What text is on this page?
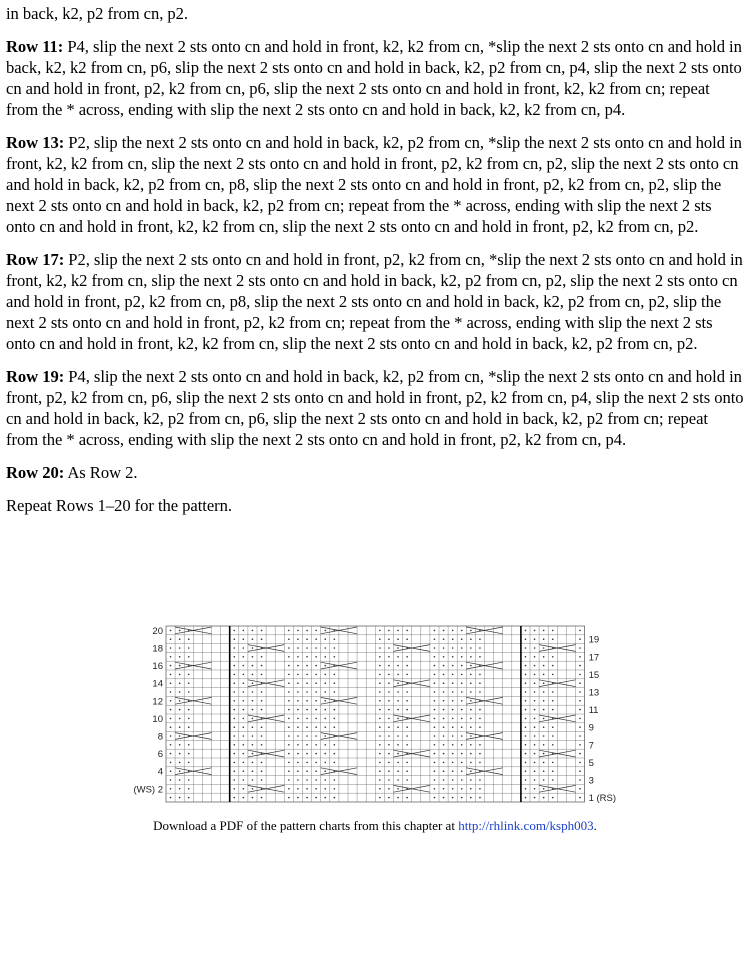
in back, k2, p2 from cn, p2.

Row 11: P4, slip the next 2 sts onto cn and hold in front, k2, k2 from cn, *slip the next 2 sts onto cn and hold in back, k2, k2 from cn, p6, slip the next 2 sts onto cn and hold in back, k2, p2 from cn, p4, slip the next 2 sts onto cn and hold in front, p2, k2 from cn, p6, slip the next 2 sts onto cn and hold in front, k2, k2 from cn; repeat from the * across, ending with slip the next 2 sts onto cn and hold in back, k2, k2 from cn, p4.

Row 13: P2, slip the next 2 sts onto cn and hold in back, k2, p2 from cn, *slip the next 2 sts onto cn and hold in front, k2, k2 from cn, slip the next 2 sts onto cn and hold in front, p2, k2 from cn, p2, slip the next 2 sts onto cn and hold in back, k2, p2 from cn, p8, slip the next 2 sts onto cn and hold in front, p2, k2 from cn, p2, slip the next 2 sts onto cn and hold in back, k2, p2 from cn; repeat from the * across, ending with slip the next 2 sts onto cn and hold in front, k2, k2 from cn, slip the next 2 sts onto cn and hold in front, p2, k2 from cn, p2.

Row 17: P2, slip the next 2 sts onto cn and hold in front, p2, k2 from cn, *slip the next 2 sts onto cn and hold in front, k2, k2 from cn, slip the next 2 sts onto cn and hold in back, k2, p2 from cn, p2, slip the next 2 sts onto cn and hold in front, p2, k2 from cn, p8, slip the next 2 sts onto cn and hold in back, k2, p2 from cn, p2, slip the next 2 sts onto cn and hold in front, p2, k2 from cn; repeat from the * across, ending with slip the next 2 sts onto cn and hold in front, k2, k2 from cn, slip the next 2 sts onto cn and hold in back, k2, p2 from cn, p2.

Row 19: P4, slip the next 2 sts onto cn and hold in back, k2, p2 from cn, *slip the next 2 sts onto cn and hold in front, p2, k2 from cn, p6, slip the next 2 sts onto cn and hold in front, p2, k2 from cn, p4, slip the next 2 sts onto cn and hold in back, k2, p2 from cn, p6, slip the next 2 sts onto cn and hold in back, k2, p2 from cn; repeat from the * across, ending with slip the next 2 sts onto cn and hold in front, p2, k2 from cn, p4.

Row 20: As Row 2.

Repeat Rows 1–20 for the pattern.

20
18
16
14
12
10
8
6
4
(WS) 2
19
17
15
13
11
9
7
5
3
1 (RS)
Download a PDF of the pattern charts from this chapter at http://rhlink.com/ksph003.
